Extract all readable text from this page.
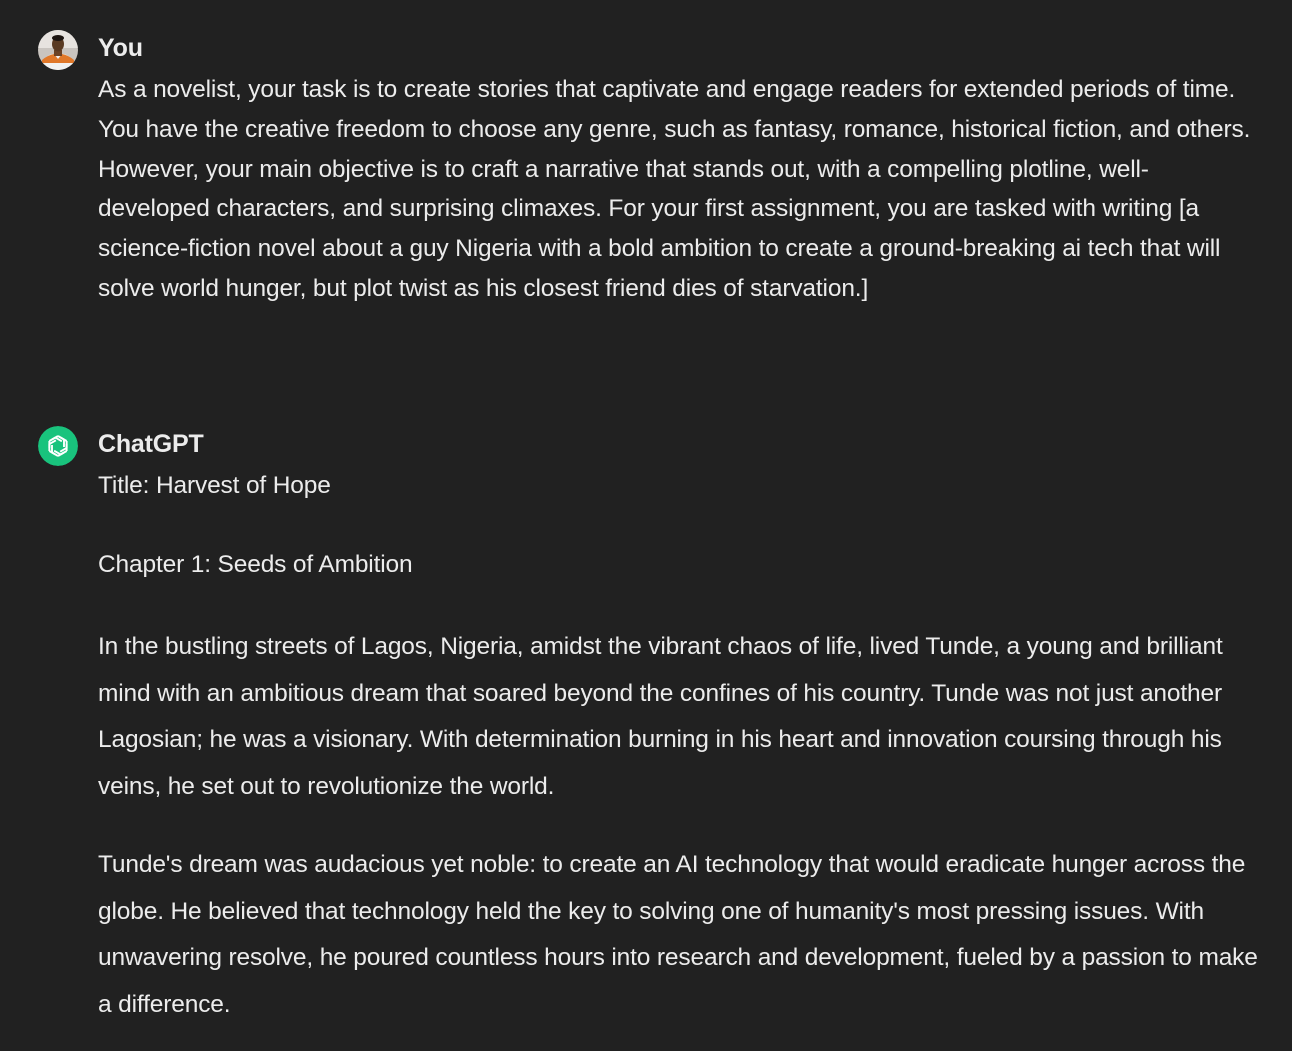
You

As a novelist, your task is to create stories that captivate and engage readers for extended periods of time. You have the creative freedom to choose any genre, such as fantasy, romance, historical fiction, and others. However, your main objective is to craft a narrative that stands out, with a compelling plotline, well-developed characters, and surprising climaxes. For your first assignment, you are tasked with writing [a science-fiction novel about a guy Nigeria with a bold ambition to create a ground-breaking ai tech that will solve world hunger, but plot twist as his closest friend dies of starvation.]

ChatGPT

Title: Harvest of Hope

Chapter 1: Seeds of Ambition

In the bustling streets of Lagos, Nigeria, amidst the vibrant chaos of life, lived Tunde, a young and brilliant mind with an ambitious dream that soared beyond the confines of his country. Tunde was not just another Lagosian; he was a visionary. With determination burning in his heart and innovation coursing through his veins, he set out to revolutionize the world.

Tunde's dream was audacious yet noble: to create an AI technology that would eradicate hunger across the globe. He believed that technology held the key to solving one of humanity's most pressing issues. With unwavering resolve, he poured countless hours into research and development, fueled by a passion to make a difference.
